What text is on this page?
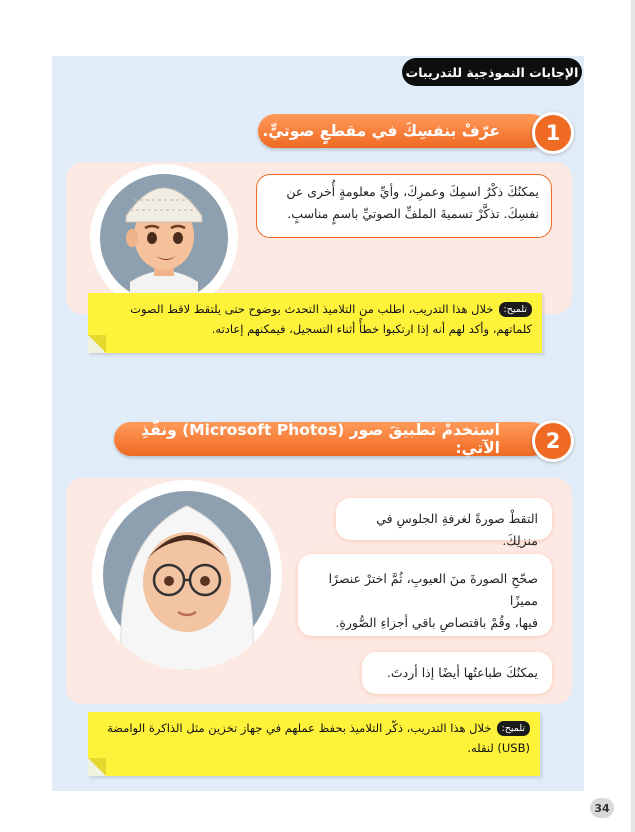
الإجابات النموذجية للتدريبات
عرّفْ بنفسِكَ في مقطعٍ صوتيٍّ.	1
يمكنُكَ ذكْرُ اسمِكَ وعمرِكَ، وأيِّ معلومةٍ أُخرى عن
نفسِكَ. تذكَّرْ تسميةَ الملفِّ الصوتيِّ باسمٍ مناسبٍ.
تلميح:خلال هذا التدريب، اطلب من التلاميذ التحدث بوضوح حتى يلتقط لاقط الصوت
كلماتهم، وأكد لهم أنه إذا ارتكبوا خطأً أثناء التسجيل، فيمكنهم إعادته.
استخدمْ تطبيقَ صور (Microsoft Photos) ونفّذِ الآتي:	2
التقطْ صورةً لغرفةِ الجلوسِ في منزلِكَ.
صحّحِ الصورةَ منَ العيوبِ، ثُمَّ اخترْ عنصرًا مميزًا
فيها، وقُمْ باقتصاصِ باقي أجزاءِ الصُّورةِ.
يمكنُكَ طباعتُها أيضًا إذا أردتَ.
تلميح:خلال هذا التدريب، ذكّر التلاميذ بحفظ عملهم في جهاز تخزين مثل الذاكرة الوامضة
(USB) لنقله.
34
